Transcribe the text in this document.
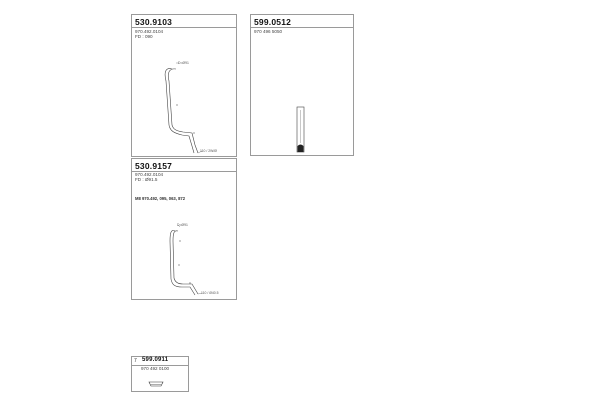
530.9103
970.492.0104
FD : 090
D=Ø91
110 / 2W/Ø
599.0512
970 496 5050
530.9157
970.492.0104
FD : Ø91.5
M8 970.492, 095, 063, 872
D=Ø91
110 / Ø40.5
7 599.0911
970 492 0100
